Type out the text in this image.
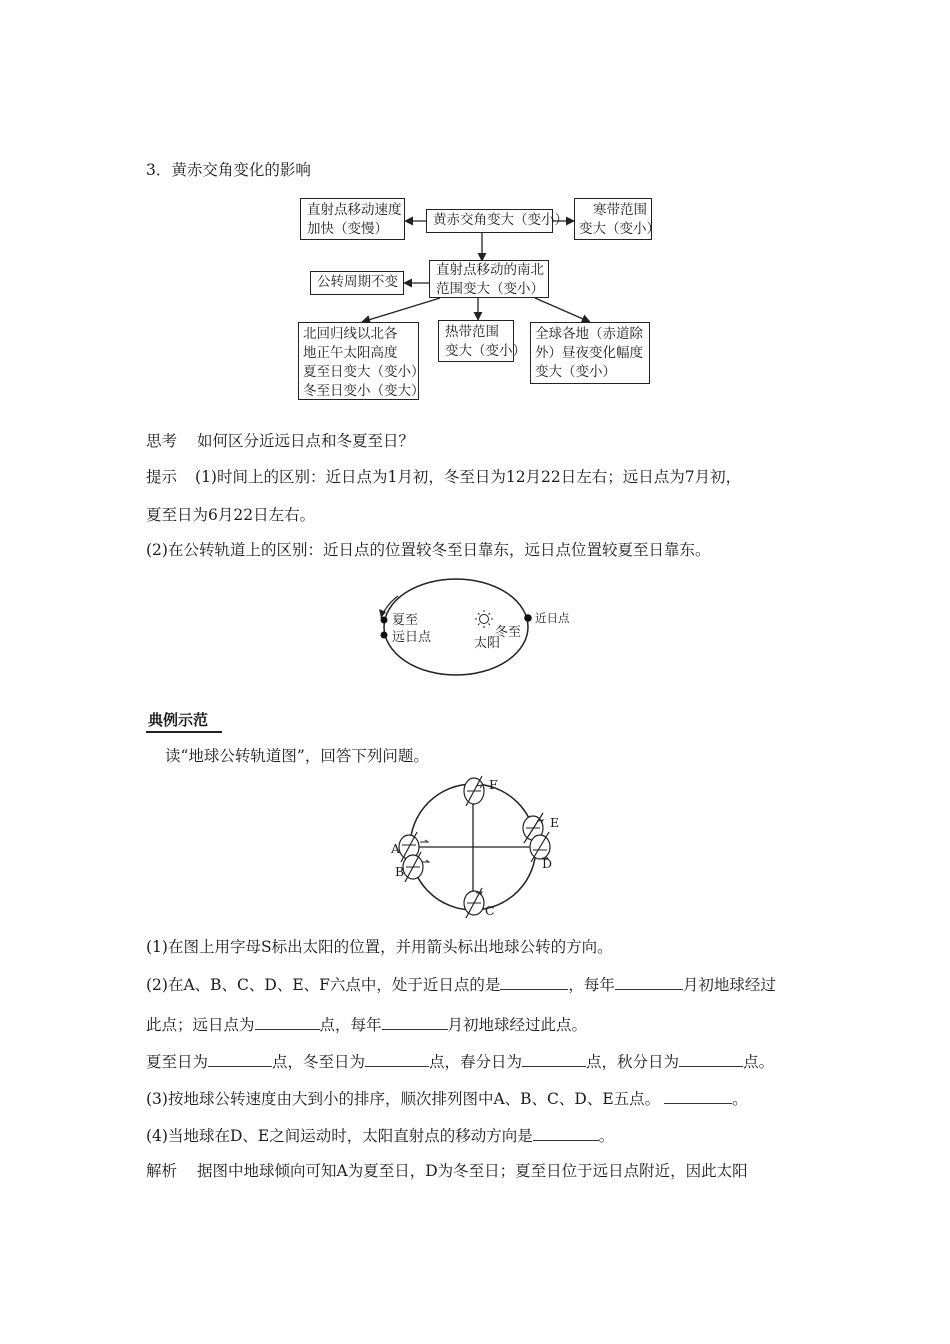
3．黄赤交角变化的影响
直射点移动速度
加快（变慢）
黄赤交角变大（变小）
寒带范围
变大（变小）
公转周期不变
直射点移动的南北
范围变大（变小）
北回归线以北各
地正午太阳高度
夏至日变大（变小）
冬至日变小（变大）
热带范围
变大（变小）
全球各地（赤道除
外）昼夜变化幅度
变大（变小）
思考 如何区分近远日点和冬夏至日？
提示 (1)时间上的区别：近日点为1月初，冬至日为12月22日左右；远日点为7月初，
夏至日为6月22日左右。
(2)在公转轨道上的区别：近日点的位置较冬至日靠东，远日点位置较夏至日靠东。
夏至
远日点	冬至
太阳
近日点
典例示范
读“地球公转轨道图”，回答下列问题。
A
B
C
D
E
F
(1)在图上用字母S标出太阳的位置，并用箭头标出地球公转的方向。
(2)在A、B、C、D、E、F六点中，处于近日点的是	，每年	月初地球经过
此点；远日点为	点，每年	月初地球经过此点。
夏至日为	点，冬至日为	点，春分日为	点，秋分日为	点。
(3)按地球公转速度由大到小的排序，顺次排列图中A、B、C、D、E五点。	。
(4)当地球在D、E之间运动时，太阳直射点的移动方向是	。
解析 据图中地球倾向可知A为夏至日，D为冬至日；夏至日位于远日点附近，因此太阳
